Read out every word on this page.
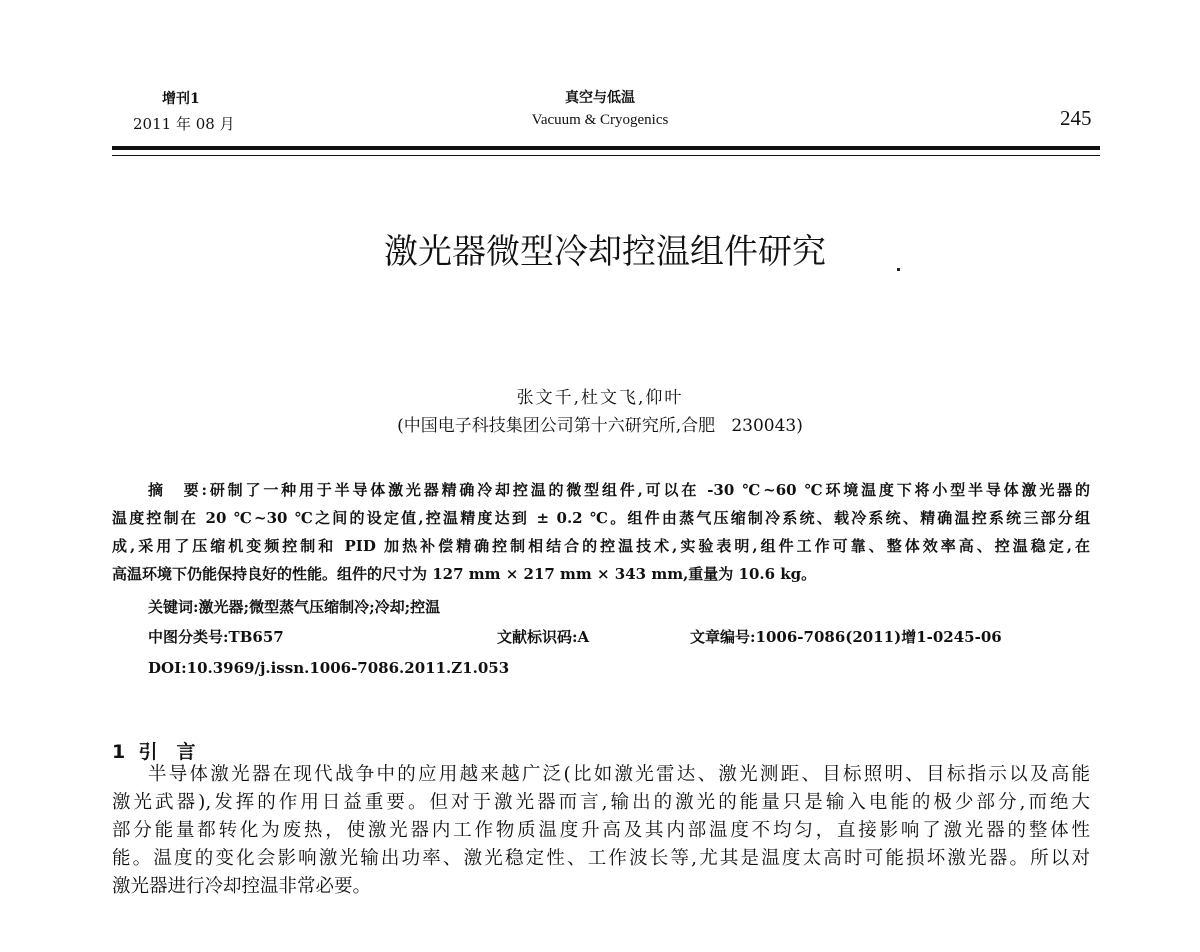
增刊1
2011 年 08 月
真空与低温
Vacuum & Cryogenics	245
激光器微型冷却控温组件研究
张文千,杜文飞,仰叶
(中国电子科技集团公司第十六研究所,合肥   230043)
摘　要:研制了一种用于半导体激光器精确冷却控温的微型组件,可以在 -30 ℃~60 ℃环境温度下将小型半导体激光器的
温度控制在 20 ℃~30 ℃之间的设定值,控温精度达到 ± 0.2 ℃。组件由蒸气压缩制冷系统、载冷系统、精确温控系统三部分组
成,采用了压缩机变频控制和 PID 加热补偿精确控制相结合的控温技术,实验表明,组件工作可靠、整体效率高、控温稳定,在
高温环境下仍能保持良好的性能。组件的尺寸为 127 mm × 217 mm × 343 mm,重量为 10.6 kg。
关键词:激光器;微型蒸气压缩制冷;冷却;控温
中图分类号:TB657	文献标识码:A	文章编号:1006-7086(2011)增1-0245-06
DOI:10.3969/j.issn.1006-7086.2011.Z1.053
1 引　言
半导体激光器在现代战争中的应用越来越广泛(比如激光雷达、激光测距、目标照明、目标指示以及高能
激光武器),发挥的作用日益重要。但对于激光器而言,输出的激光的能量只是输入电能的极少部分,而绝大
部分能量都转化为废热，使激光器内工作物质温度升高及其内部温度不均匀，直接影响了激光器的整体性
能。温度的变化会影响激光输出功率、激光稳定性、工作波长等,尤其是温度太高时可能损坏激光器。所以对
激光器进行冷却控温非常必要。
